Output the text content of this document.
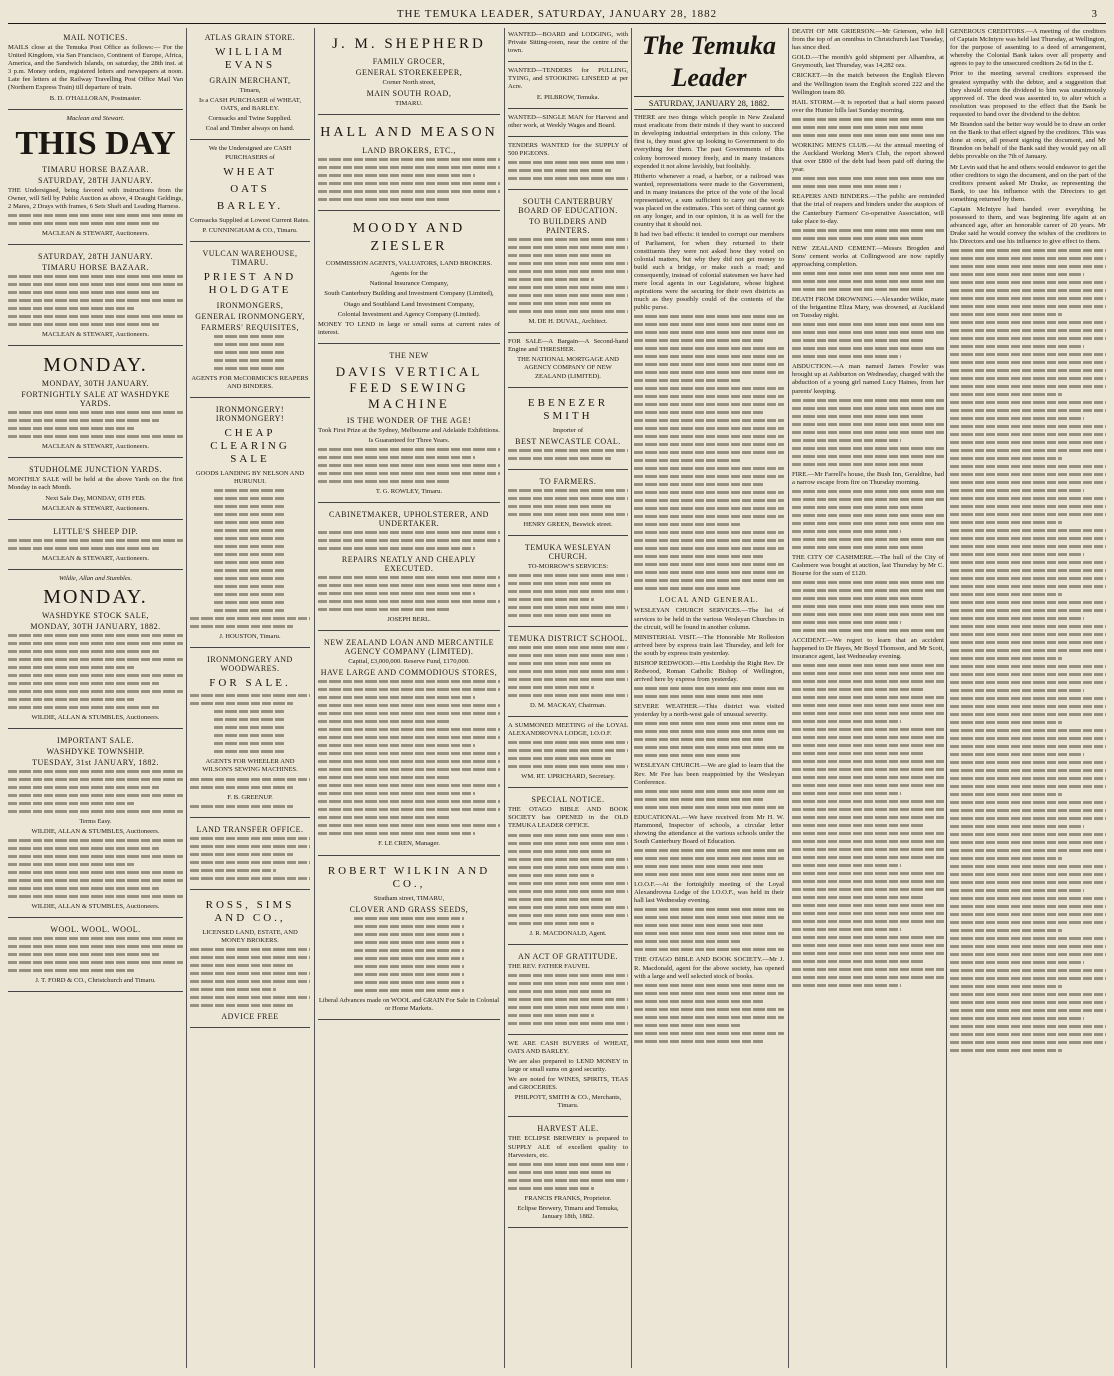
THE TEMUKA LEADER, SATURDAY, JANUARY 28, 1882	3
MAIL NOTICES.

MAILS close at the Temuka Post Office as follows:— For the United Kingdom, via San Francisco, Continent of Europe, Africa, America, and the Sandwich Islands, on saturday, the 28th inst. at 3 p.m. Money orders, registered letters and newspapers at noon. Late fee letters at the Railway Travelling Post Office Mail Van (Northern Express Train) till departure of train.

B. D. O'HALLORAN, Postmaster.

Maclean and Stewart.

THIS DAY
TIMARU HORSE BAZAAR.
SATURDAY, 28TH JANUARY.

THE Undersigned, being favored with instructions from the Owner, will Sell by Public Auction as above, 4 Draught Geldings, 2 Mares, 2 Drays with frames, 6 Sets Shaft and Leading Harness.

MACLEAN & STEWART, Auctioneers.

SATURDAY, 28TH JANUARY.
TIMARU HORSE BAZAAR.

MACLEAN & STEWART, Auctioneers.

MONDAY.
MONDAY, 30TH JANUARY.
FORTNIGHTLY SALE AT WASHDYKE YARDS.

MACLEAN & STEWART, Auctioneers.

STUDHOLME JUNCTION YARDS.

MONTHLY SALE will be held at the above Yards on the first Monday in each Month.

Next Sale Day, MONDAY, 6TH FEB.

MACLEAN & STEWART, Auctioneers.

LITTLE'S SHEEP DIP.

MACLEAN & STEWART, Auctioneers.

Wildie, Allan and Stumbles.

MONDAY.
WASHDYKE STOCK SALE,
MONDAY, 30TH JANUARY, 1882.

WILDIE, ALLAN & STUMBLES, Auctioneers.

IMPORTANT SALE.
WASHDYKE TOWNSHIP.
TUESDAY, 31st JANUARY, 1882.

Terms Easy.

WILDIE, ALLAN & STUMBLES, Auctioneers.

WILDIE, ALLAN & STUMBLES, Auctioneers.

WOOL. WOOL. WOOL.

J. T. FORD & CO., Christchurch and Timaru.

ATLAS GRAIN STORE.
WILLIAM EVANS
GRAIN MERCHANT,

Timaru,

Is a CASH PURCHASER of WHEAT, OATS, and BARLEY.

Cornsacks and Twine Supplied.

Coal and Timber always on hand.

We the Undersigned are CASH PURCHASERS of

WHEAT
OATS
BARLEY.

Cornsacks Supplied at Lowest Current Rates.

P. CUNNINGHAM & CO., Timaru.

VULCAN WAREHOUSE, TIMARU.
PRIEST AND HOLDGATE
IRONMONGERS,
GENERAL IRONMONGERY,
FARMERS' REQUISITES,

AGENTS FOR McCORMICK'S REAPERS AND BINDERS.

IRONMONGERY! IRONMONGERY!
CHEAP CLEARING SALE

GOODS LANDING BY NELSON AND HURUNUI.

J. HOUSTON, Timaru.

IRONMONGERY AND WOODWARES.
FOR SALE.

AGENTS FOR WHEELER AND WILSON'S SEWING MACHINES.

F. B. GREENUP.

LAND TRANSFER OFFICE.
ROSS, SIMS AND CO.,

LICENSED LAND, ESTATE, AND MONEY BROKERS.

ADVICE FREE
J. M. SHEPHERD
FAMILY GROCER,
GENERAL STOREKEEPER,

Corner North street,

MAIN SOUTH ROAD,

TIMARU.

HALL AND MEASON
LAND BROKERS, ETC.,
MOODY AND ZIESLER

COMMISSION AGENTS, VALUATORS, LAND BROKERS.

Agents for the

National Insurance Company,

South Canterbury Building and Investment Company (Limited),

Otago and Southland Land Investment Company,

Colonial Investment and Agency Company (Limited).

MONEY TO LEND in large or small sums at current rates of interest.

THE NEW
DAVIS VERTICAL FEED SEWING MACHINE
IS THE WONDER OF THE AGE!

Took First Prize at the Sydney, Melbourne and Adelaide Exhibitions.

Is Guaranteed for Three Years.

T. G. ROWLEY, Timaru.

CABINETMAKER, UPHOLSTERER, AND UNDERTAKER.
REPAIRS NEATLY AND CHEAPLY EXECUTED.

JOSEPH BERL.

NEW ZEALAND LOAN AND MERCANTILE AGENCY COMPANY (LIMITED).

Capital, £3,000,000. Reserve Fund, £170,000.

HAVE LARGE AND COMMODIOUS STORES,

F. LE CREN, Manager.

ROBERT WILKIN AND CO.,

Stratham street, TIMARU,

CLOVER AND GRASS SEEDS,

Liberal Advances made on WOOL and GRAIN For Sale in Colonial or Home Markets.

WANTED—BOARD and LODGING, with Private Sitting-room, near the centre of the town.

WANTED—TENDERS for PULLING, TYING, and STOOKING LINSEED at per Acre.

E. PILBROW, Temuka.

WANTED—SINGLE MAN for Harvest and other work, at Weekly Wages and Board.

TENDERS WANTED for the SUPPLY of 500 PIGEONS.

SOUTH CANTERBURY BOARD OF EDUCATION.
TO BUILDERS AND PAINTERS.

M. DE H. DUVAL, Architect.

FOR SALE—A Bargain—A Second-hand Engine and THRESHER.

THE NATIONAL MORTGAGE AND AGENCY COMPANY OF NEW ZEALAND (LIMITED).

EBENEZER SMITH

Importer of

BEST NEWCASTLE COAL.
TO FARMERS.

HENRY GREEN, Beswick street.

TEMUKA WESLEYAN CHURCH.

TO-MORROW'S SERVICES:

TEMUKA DISTRICT SCHOOL.

D. M. MACKAY, Chairman.

A SUMMONED MEETING of the LOYAL ALEXANDROVNA LODGE, I.O.O.F.

WM. RT. UPRICHARD, Secretary.

SPECIAL NOTICE.

THE OTAGO BIBLE AND BOOK SOCIETY has OPENED in the OLD TEMUKA LEADER OFFICE.

J. R. MACDONALD, Agent.

AN ACT OF GRATITUDE.

THE REV. FATHER FAUVEL

WE ARE CASH BUYERS of WHEAT, OATS AND BARLEY.

We are also prepared to LEND MONEY in large or small sums on good security.

We are noted for WINES, SPIRITS, TEAS and GROCERIES.

PHILPOTT, SMITH & CO., Merchants, Timaru.

HARVEST ALE.

THE ECLIPSE BREWERY is prepared to SUPPLY ALE of excellent quality to Harvesters, etc.

FRANCIS FRANKS, Proprietor.

Eclipse Brewery, Timaru and Temuka, January 18th, 1882.

The Temuka Leader
SATURDAY, JANUARY 28, 1882.

THERE are two things which people in New Zealand must eradicate from their minds if they want to succeed in developing industrial enterprises in this colony. The first is, they must give up looking to Government to do everything for them. The past Governments of this colony borrowed money freely, and in many instances expended it not alone lavishly, but foolishly.

Hitherto whenever a road, a harbor, or a railroad was wanted, representations were made to the Government, and in many instances the price of the vote of the local representative, a sum sufficient to carry out the work was placed on the estimates. This sort of thing cannot go on any longer, and in our opinion, it is as well for the country that it should not.

It had two bad effects: it tended to corrupt our members of Parliament, for when they returned to their constituents they were not asked how they voted on colonial matters, but why they did not get money to build such a bridge, or make such a road; and consequently, instead of colonial statesmen we have had mere local agents in our Legislature, whose highest aspirations were the securing for their own districts as much as they possibly could of the contents of the public purse.

LOCAL AND GENERAL.

WESLEYAN CHURCH SERVICES.—The list of services to be held in the various Wesleyan Churches in the circuit, will be found in another column.

MINISTERIAL VISIT.—The Honorable Mr Rolleston arrived here by express train last Thursday, and left for the south by express train yesterday.

BISHOP REDWOOD.—His Lordship the Right Rev. Dr Redwood, Roman Catholic Bishop of Wellington, arrived here by express from yesterday.

SEVERE WEATHER.—This district was visited yesterday by a north-west gale of unusual severity.

WESLEYAN CHURCH.—We are glad to learn that the Rev. Mr Fee has been reappointed by the Wesleyan Conference.

EDUCATIONAL.—We have received from Mr H. W. Hammond, Inspector of schools, a circular letter showing the attendance at the various schools under the South Canterbury Board of Education.

I.O.O.F.—At the fortnightly meeting of the Loyal Alexandrovna Lodge of the I.O.O.F., was held in their hall last Wednesday evening.

THE OTAGO BIBLE AND BOOK SOCIETY.—Mr J. R. Macdonald, agent for the above society, has opened with a large and well selected stock of books.

DEATH OF MR GRIERSON.—Mr Grierson, who fell from the top of an omnibus in Christchurch last Tuesday, has since died.

GOLD.—The month's gold shipment per Alhambra, at Greymouth, last Thursday, was 14,282 ozs.

CRICKET.—In the match between the English Eleven and the Wellington team the English scored 222 and the Wellington team 80.

HAIL STORM.—It is reported that a hail storm passed over the Hunter hills last Sunday morning.

WORKING MEN'S CLUB.—At the annual meeting of the Auckland Working Men's Club, the report showed that over £800 of the debt had been paid off during the year.

REAPERS AND BINDERS.—The public are reminded that the trial of reapers and binders under the auspices of the Canterbury Farmers' Co-operative Association, will take place to-day.

NEW ZEALAND CEMENT.—Messrs Brogden and Sons' cement works at Collingwood are now rapidly approaching completion.

DEATH FROM DROWNING.—Alexander Wilkie, mate of the brigantine Eliza Mary, was drowned, at Auckland on Tuesday night.

ABDUCTION.—A man named James Fowler was brought up at Ashburton on Wednesday, charged with the abduction of a young girl named Lucy Haines, from her parents' keeping.

FIRE.—Mr Farrell's house, the Bush Inn, Geraldine, had a narrow escape from fire on Thursday morning.

THE CITY OF CASHMERE.—The hull of the City of Cashmere was bought at auction, last Thursday by Mr C. Bourne for the sum of £120.

ACCIDENT.—We regret to learn that an accident happened to Dr Hayes, Mr Boyd Thomson, and Mr Scott, insurance agent, last Wednesday evening.

GENEROUS CREDITORS.—A meeting of the creditors of Captain McIntyre was held last Thursday, at Wellington, for the purpose of assenting to a deed of arrangement, whereby the Colonial Bank takes over all property and agrees to pay to the unsecured creditors 2s 6d in the £.

Prior to the meeting several creditors expressed the greatest sympathy with the debtor, and a suggestion that they should return the dividend to him was unanimously approved of. The deed was assented to, to alter which a resolution was proposed to the effect that the Bank be requested to hand over the dividend to the debtor.

Mr Brandon said the better way would be to draw an order on the Bank to that effect signed by the creditors. This was done at once, all present signing the document, and Mr Brandon on behalf of the Bank said they would pay on all debts provable on the 7th of January.

Mr Levin said that he and others would endeavor to get the other creditors to sign the document, and on the part of the creditors present asked Mr Drake, as representing the Bank, to use his influence with the Directors to get something returned by them.

Captain McIntyre had handed over everything he possessed to them, and was beginning life again at an advanced age, after an honorable career of 20 years. Mr Drake said he would convey the wishes of the creditors to his Directors and use his influence to give effect to them.
